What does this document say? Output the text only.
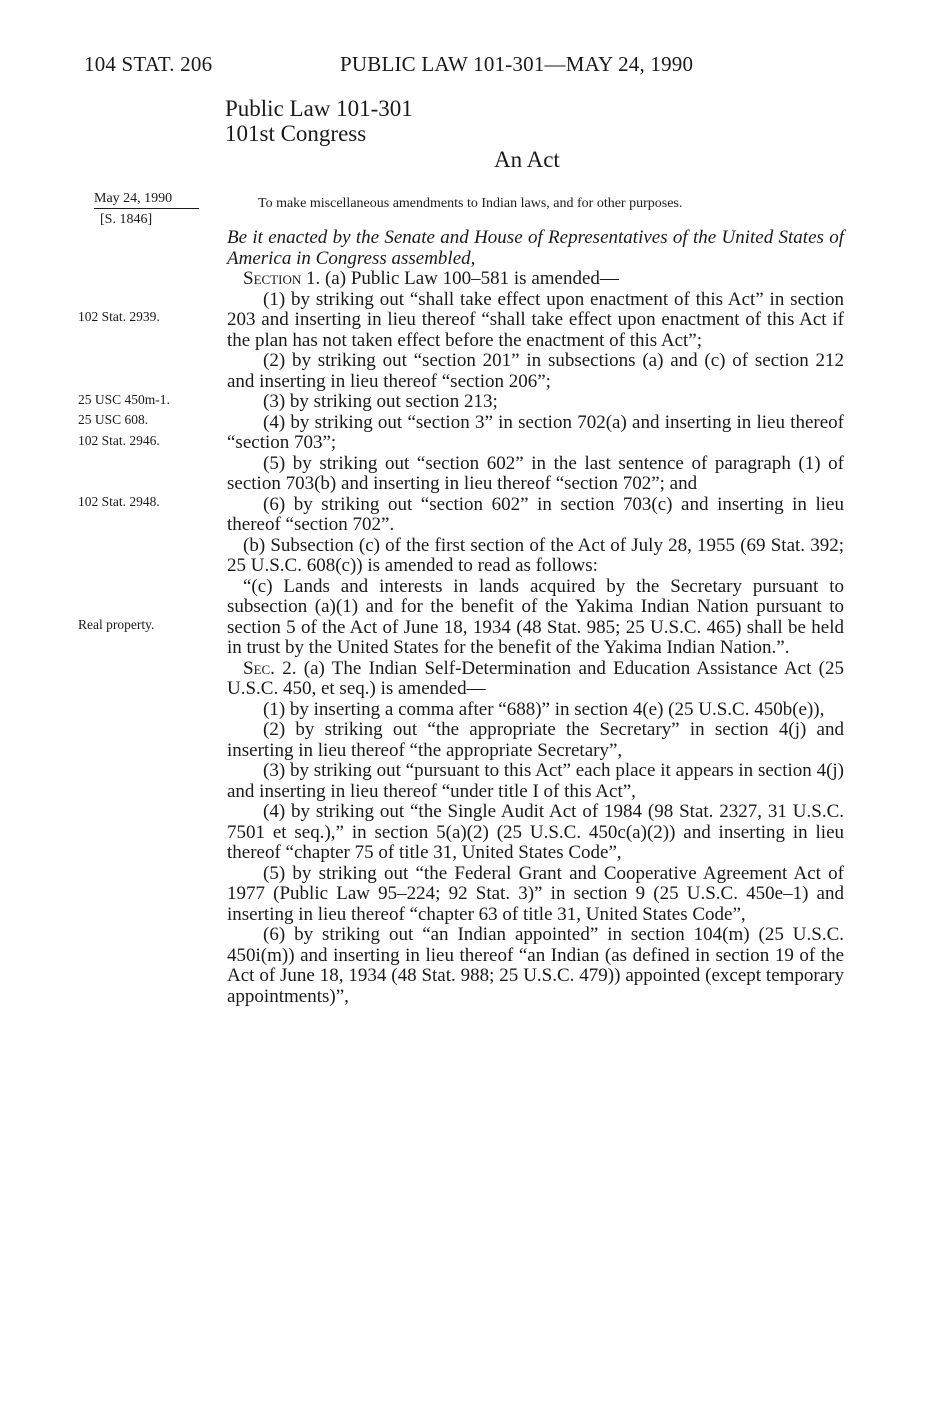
104 STAT. 206	PUBLIC LAW 101-301—MAY 24, 1990
Public Law 101-301
101st Congress
An Act
May 24, 1990
[S. 1846]
To make miscellaneous amendments to Indian laws, and for other purposes.
102 Stat. 2939.
25 USC 450m-1.
25 USC 608.
102 Stat. 2946.
102 Stat. 2948.
Real property.

Be it enacted by the Senate and House of Representatives of the United States of America in Congress assembled,

Section 1. (a) Public Law 100–581 is amended—

(1) by striking out “shall take effect upon enactment of this Act” in section 203 and inserting in lieu thereof “shall take effect upon enactment of this Act if the plan has not taken effect before the enactment of this Act”;

(2) by striking out “section 201” in subsections (a) and (c) of section 212 and inserting in lieu thereof “section 206”;

(3) by striking out section 213;

(4) by striking out “section 3” in section 702(a) and inserting in lieu thereof “section 703”;

(5) by striking out “section 602” in the last sentence of paragraph (1) of section 703(b) and inserting in lieu thereof “section 702”; and

(6) by striking out “section 602” in section 703(c) and inserting in lieu thereof “section 702”.

(b) Subsection (c) of the first section of the Act of July 28, 1955 (69 Stat. 392; 25 U.S.C. 608(c)) is amended to read as follows:

“(c) Lands and interests in lands acquired by the Secretary pursuant to subsection (a)(1) and for the benefit of the Yakima Indian Nation pursuant to section 5 of the Act of June 18, 1934 (48 Stat. 985; 25 U.S.C. 465) shall be held in trust by the United States for the benefit of the Yakima Indian Nation.”.

Sec. 2. (a) The Indian Self-Determination and Education Assistance Act (25 U.S.C. 450, et seq.) is amended—

(1) by inserting a comma after “688)” in section 4(e) (25 U.S.C. 450b(e)),

(2) by striking out “the appropriate the Secretary” in section 4(j) and inserting in lieu thereof “the appropriate Secretary”,

(3) by striking out “pursuant to this Act” each place it appears in section 4(j) and inserting in lieu thereof “under title I of this Act”,

(4) by striking out “the Single Audit Act of 1984 (98 Stat. 2327, 31 U.S.C. 7501 et seq.),” in section 5(a)(2) (25 U.S.C. 450c(a)(2)) and inserting in lieu thereof “chapter 75 of title 31, United States Code”,

(5) by striking out “the Federal Grant and Cooperative Agreement Act of 1977 (Public Law 95–224; 92 Stat. 3)” in section 9 (25 U.S.C. 450e–1) and inserting in lieu thereof “chapter 63 of title 31, United States Code”,

(6) by striking out “an Indian appointed” in section 104(m) (25 U.S.C. 450i(m)) and inserting in lieu thereof “an Indian (as defined in section 19 of the Act of June 18, 1934 (48 Stat. 988; 25 U.S.C. 479)) appointed (except temporary appointments)”,
